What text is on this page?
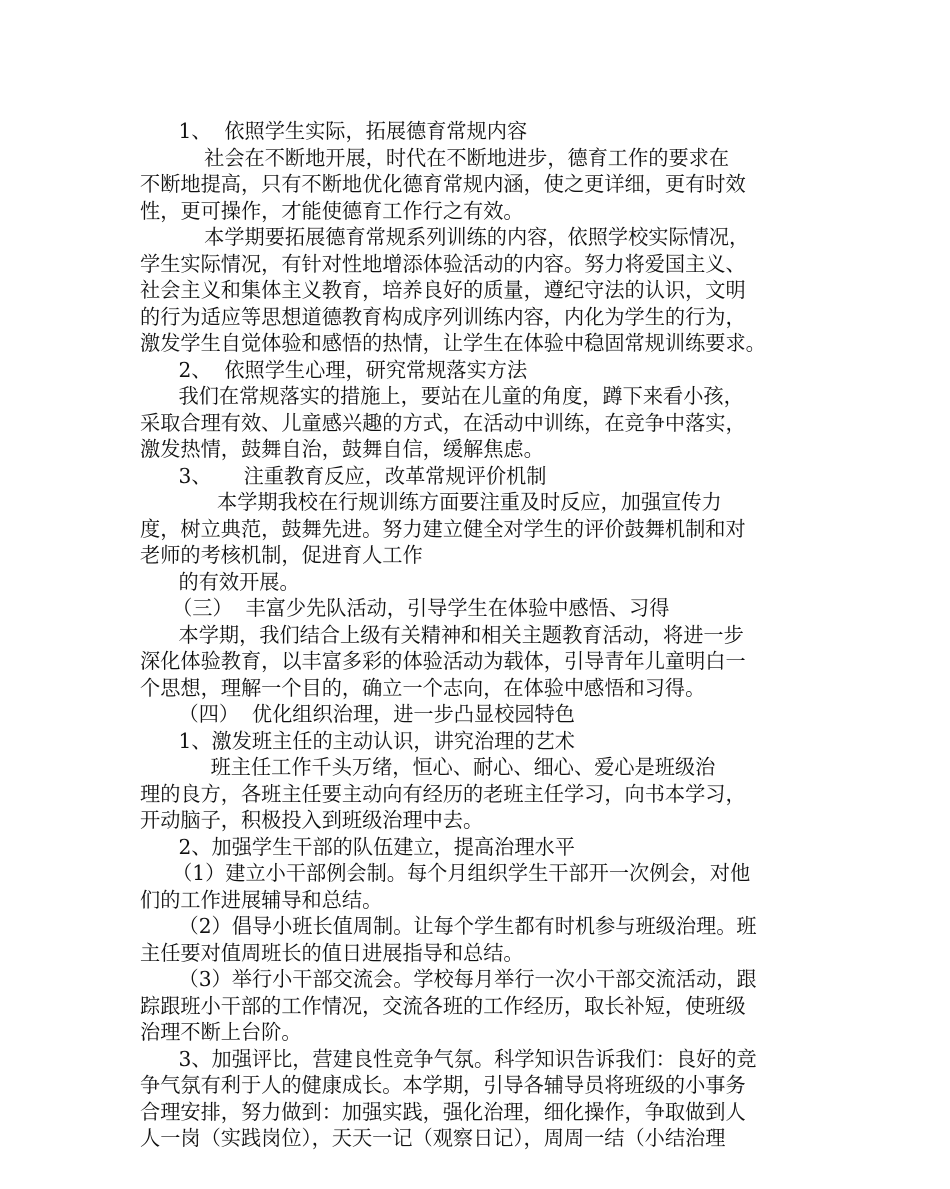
1、  依照学生实际，拓展德育常规内容
社会在不断地开展，时代在不断地进步，德育工作的要求在
不断地提高，只有不断地优化德育常规内涵，使之更详细，更有时效
性，更可操作，才能使德育工作行之有效。
本学期要拓展德育常规系列训练的内容，依照学校实际情况，
学生实际情况，有针对性地增添体验活动的内容。努力将爱国主义、
社会主义和集体主义教育，培养良好的质量，遵纪守法的认识，文明
的行为适应等思想道德教育构成序列训练内容，内化为学生的行为，
激发学生自觉体验和感悟的热情，让学生在体验中稳固常规训练要求。
2、  依照学生心理，研究常规落实方法
我们在常规落实的措施上，要站在儿童的角度，蹲下来看小孩，
采取合理有效、儿童感兴趣的方式，在活动中训练，在竞争中落实，
激发热情，鼓舞自治，鼓舞自信，缓解焦虑。
3、     注重教育反应，改革常规评价机制
本学期我校在行规训练方面要注重及时反应，加强宣传力
度，树立典范，鼓舞先进。努力建立健全对学生的评价鼓舞机制和对
老师的考核机制，促进育人工作
的有效开展。
（三）  丰富少先队活动，引导学生在体验中感悟、习得
本学期，我们结合上级有关精神和相关主题教育活动，将进一步
深化体验教育，以丰富多彩的体验活动为载体，引导青年儿童明白一
个思想，理解一个目的，确立一个志向，在体验中感悟和习得。
（四）  优化组织治理，进一步凸显校园特色
1、激发班主任的主动认识，讲究治理的艺术
班主任工作千头万绪，恒心、耐心、细心、爱心是班级治
理的良方，各班主任要主动向有经历的老班主任学习，向书本学习，
开动脑子，积极投入到班级治理中去。
2、加强学生干部的队伍建立，提高治理水平
（1）建立小干部例会制。每个月组织学生干部开一次例会，对他
们的工作进展辅导和总结。
（2）倡导小班长值周制。让每个学生都有时机参与班级治理。班
主任要对值周班长的值日进展指导和总结。
（3）举行小干部交流会。学校每月举行一次小干部交流活动，跟
踪跟班小干部的工作情况，交流各班的工作经历，取长补短，使班级
治理不断上台阶。
3、加强评比，营建良性竞争气氛。科学知识告诉我们：良好的竞
争气氛有利于人的健康成长。本学期，引导各辅导员将班级的小事务
合理安排，努力做到：加强实践，强化治理，细化操作，争取做到人
人一岗（实践岗位），天天一记（观察日记），周周一结（小结治理
